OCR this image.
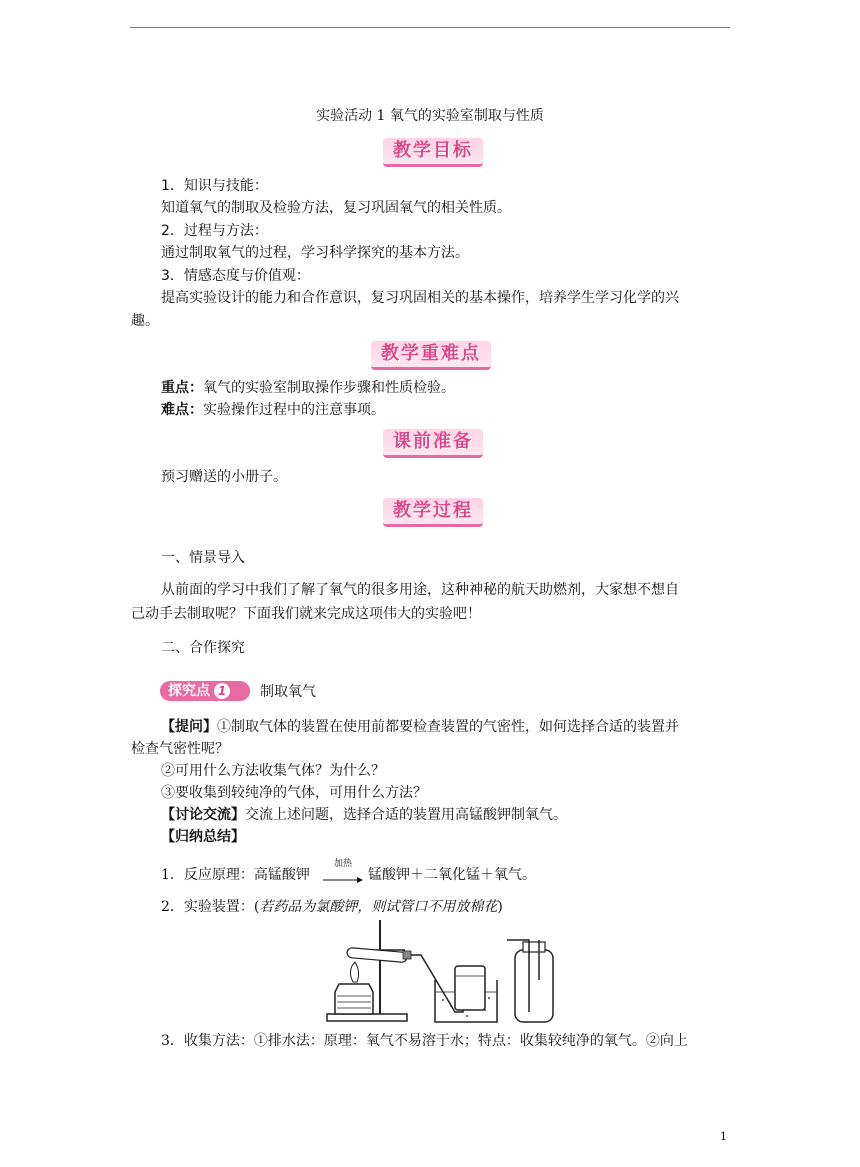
实验活动 1 氧气的实验室制取与性质
教学目标
1．知识与技能：
知道氧气的制取及检验方法，复习巩固氧气的相关性质。
2．过程与方法：
通过制取氧气的过程，学习科学探究的基本方法。
3．情感态度与价值观：
提高实验设计的能力和合作意识，复习巩固相关的基本操作，培养学生学习化学的兴
趣。
教学重难点
重点：氧气的实验室制取操作步骤和性质检验。
难点：实验操作过程中的注意事项。
课前准备
预习赠送的小册子。
教学过程
一、情景导入
从前面的学习中我们了解了氧气的很多用途，这种神秘的航天助燃剂，大家想不想自
己动手去制取呢？下面我们就来完成这项伟大的实验吧！
二、合作探究
探究点 1	制取氧气
【提问】①制取气体的装置在使用前都要检查装置的气密性，如何选择合适的装置并
检查气密性呢？
②可用什么方法收集气体？为什么？
③要收集到较纯净的气体，可用什么方法？
【讨论交流】交流上述问题，选择合适的装置用高锰酸钾制氧气。
【归纳总结】
1．反应原理：高锰酸钾
加热
锰酸钾＋二氧化锰＋氧气。
2．实验装置：(若药品为氯酸钾，则试管口不用放棉花)
3．收集方法：①排水法：原理：氧气不易溶于水；特点：收集较纯净的氧气。②向上
1
